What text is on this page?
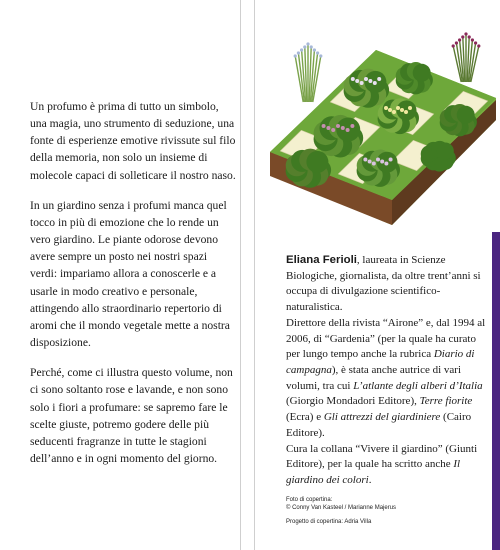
Un profumo è prima di tutto un simbolo, una magia, uno strumento di seduzione, una fonte di esperienze emotive rivissute sul filo della memoria, non solo un insieme di molecole capaci di solleticare il nostro naso.

In un giardino senza i profumi manca quel tocco in più di emozione che lo rende un vero giardino. Le piante odorose devono avere sempre un posto nei nostri spazi verdi: impariamo allora a conoscerle e a usarle in modo creativo e personale, attingendo allo straordinario repertorio di aromi che il mondo vegetale mette a nostra disposizione.

Perché, come ci illustra questo volume, non ci sono soltanto rose e lavande, e non sono solo i fiori a profumare: se sapremo fare le scelte giuste, potremo godere delle più seducenti fragranze in tutte le stagioni dell’anno e in ogni momento del giorno.

Eliana Ferioli, laureata in Scienze Biologiche, giornalista, da oltre trent’anni si occupa di divulgazione scientifico-naturalistica.

Direttore della rivista “Airone” e, dal 1994 al 2006, di “Gardenia” (per la quale ha curato per lungo tempo anche la rubrica Diario di campagna), è stata anche autrice di vari volumi, tra cui L’atlante degli alberi d’Italia (Giorgio Mondadori Editore), Terre fiorite (Ecra) e Gli attrezzi del giardiniere (Cairo Editore).

Cura la collana “Vivere il giardino” (Giunti Editore), per la quale ha scritto anche Il giardino dei colori.

Foto di copertina:
© Conny Van Kasteel / Marianne Majerus
Progetto di copertina: Adria Villa
